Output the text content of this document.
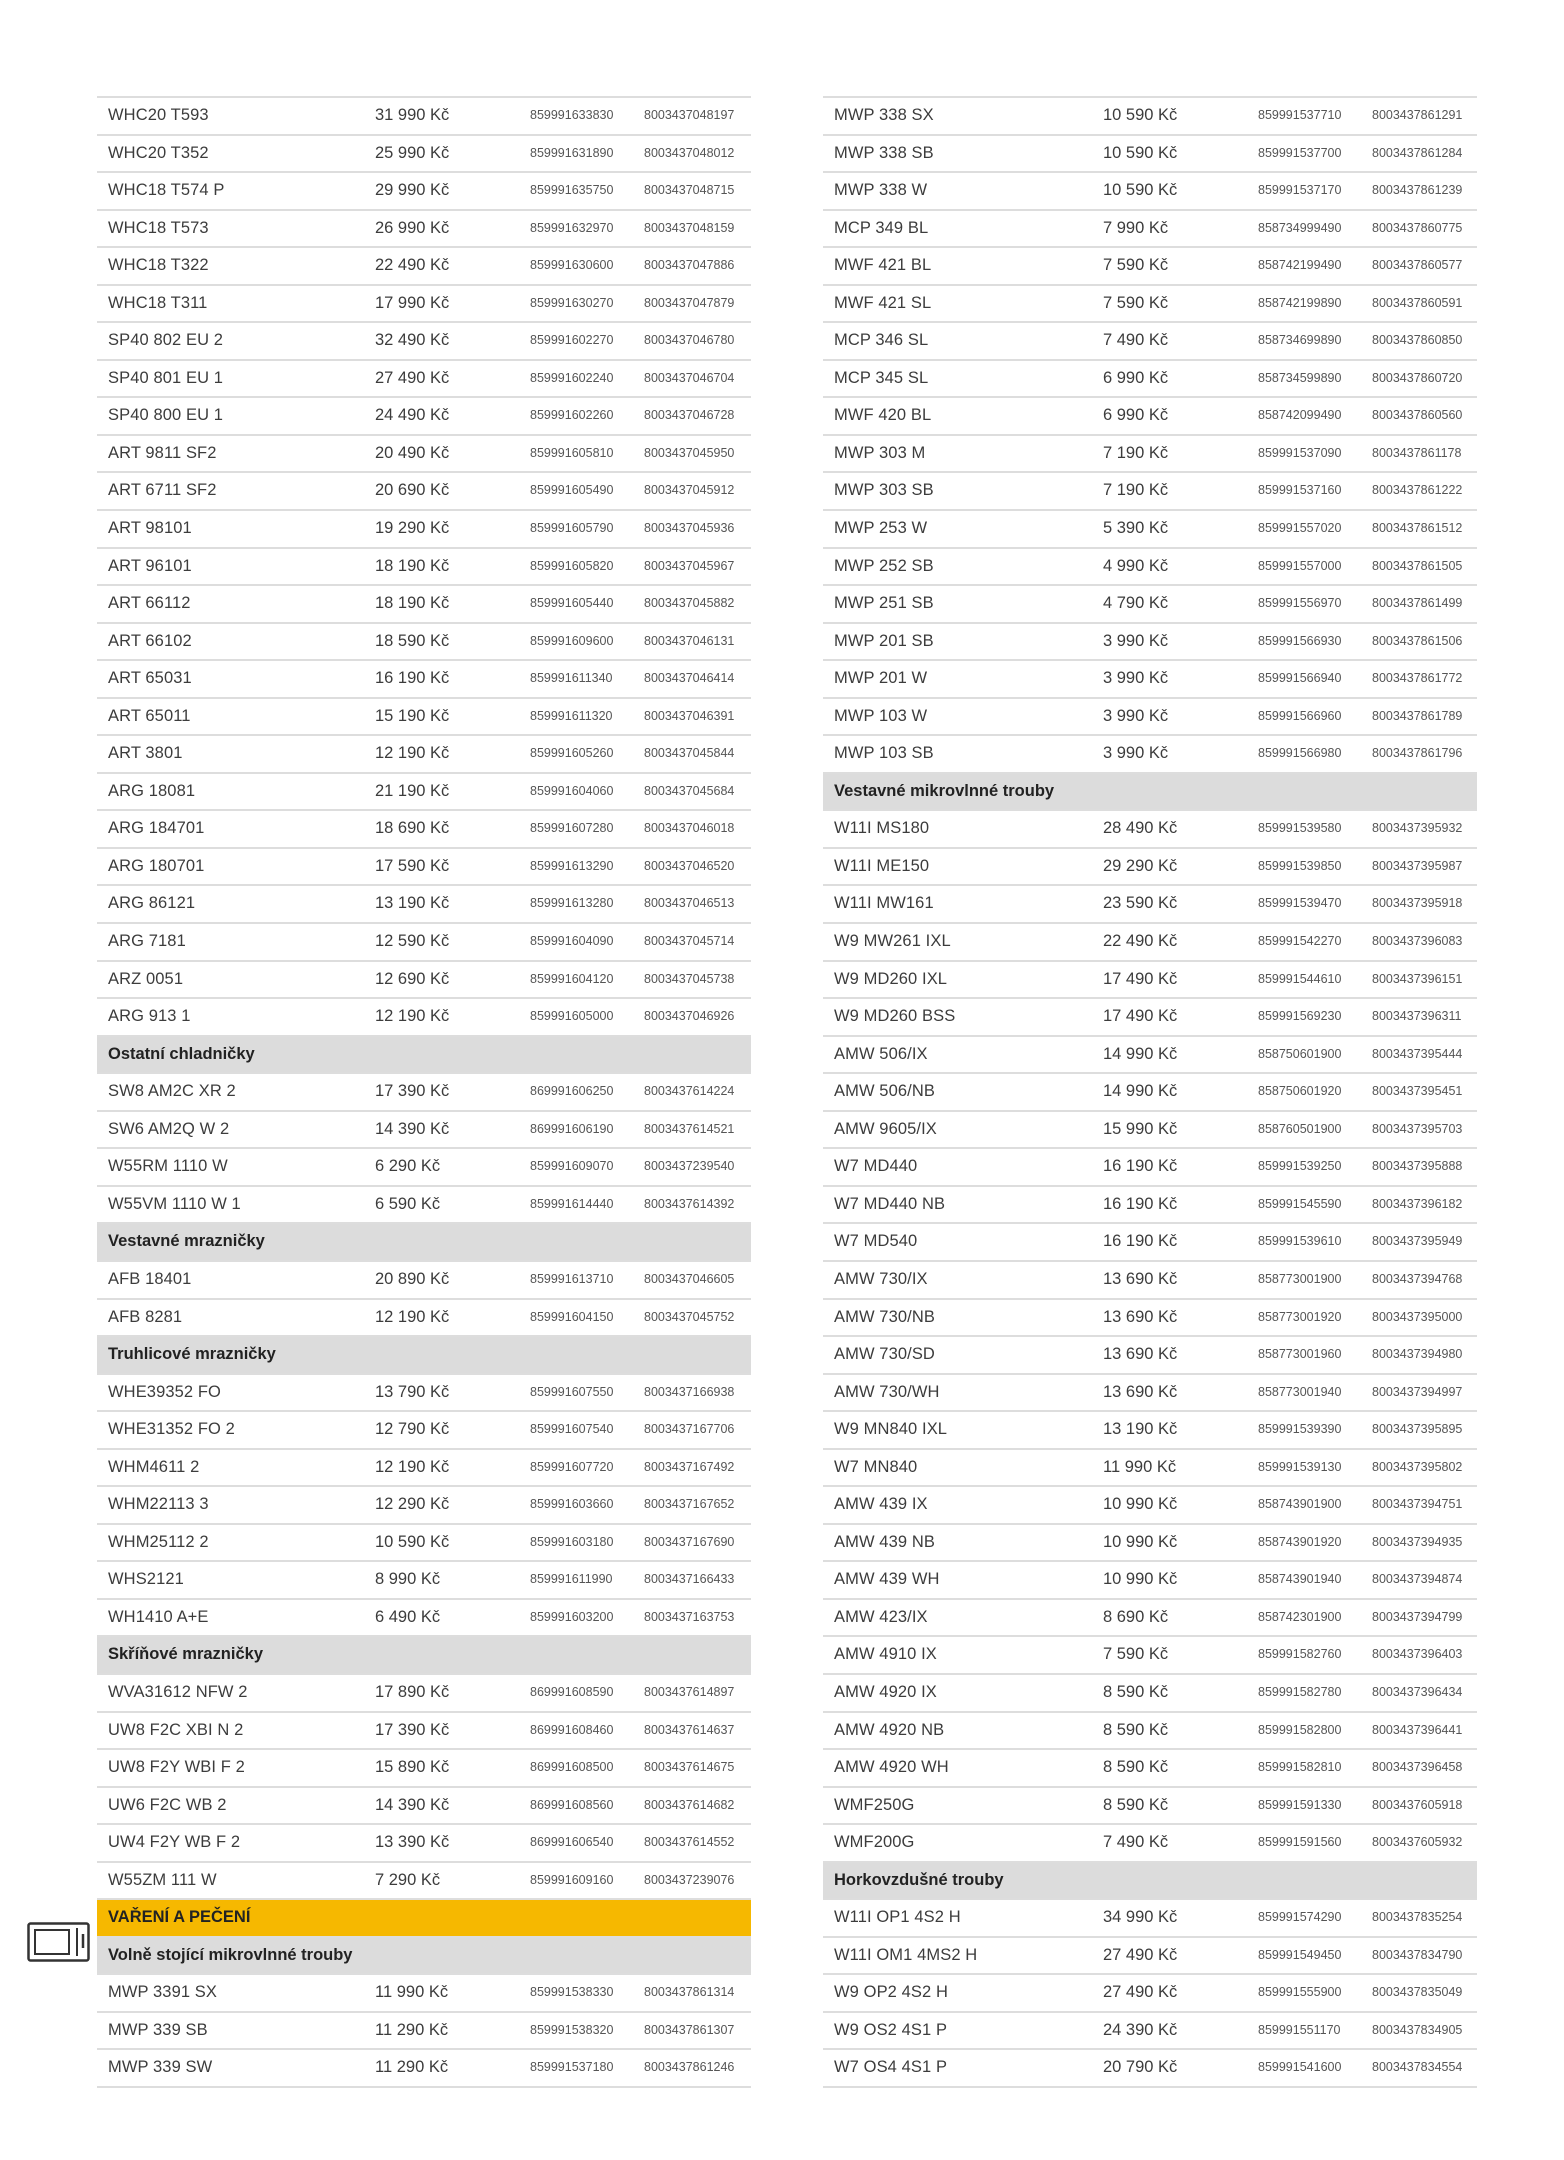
WHC20 T593	31 990 Kč	859991633830 8003437048197
WHC20 T352	25 990 Kč	859991631890 8003437048012
WHC18 T574 P	29 990 Kč	859991635750 8003437048715
WHC18 T573	26 990 Kč	859991632970 8003437048159
WHC18 T322	22 490 Kč	859991630600 8003437047886
WHC18 T311	17 990 Kč	859991630270 8003437047879
SP40 802 EU 2	32 490 Kč	859991602270 8003437046780
SP40 801 EU 1	27 490 Kč	859991602240 8003437046704
SP40 800 EU 1	24 490 Kč	859991602260 8003437046728
ART 9811 SF2	20 490 Kč	859991605810 8003437045950
ART 6711 SF2	20 690 Kč	859991605490 8003437045912
ART 98101	19 290 Kč	859991605790 8003437045936
ART 96101	18 190 Kč	859991605820 8003437045967
ART 66112	18 190 Kč	859991605440 8003437045882
ART 66102	18 590 Kč	859991609600 8003437046131
ART 65031	16 190 Kč	859991611340	8003437046414
ART 65011	15 190 Kč	859991611320	8003437046391
ART 3801	12 190 Kč	859991605260 8003437045844
ARG 18081	21 190 Kč	859991604060 8003437045684
ARG 184701	18 690 Kč	859991607280 8003437046018
ARG 180701	17 590 Kč	859991613290 8003437046520
ARG 86121	13 190 Kč	859991613280 8003437046513
ARG 7181	12 590 Kč	859991604090 8003437045714
ARZ 0051	12 690 Kč	859991604120 8003437045738
ARG 913 1	12 190 Kč	859991605000 8003437046926
Ostatní chladničky
SW8 AM2C XR 2	17 390 Kč	869991606250 8003437614224
SW6 AM2Q W 2	14 390 Kč	869991606190 8003437614521
W55RM 1110 W	6 290 Kč	859991609070 8003437239540
W55VM 1110 W 1	6 590 Kč	859991614440 8003437614392
Vestavné mrazničky
AFB 18401	20 890 Kč	859991613710 8003437046605
AFB 8281	12 190 Kč	859991604150 8003437045752
Truhlicové mrazničky
WHE39352 FO	13 790 Kč	859991607550 8003437166938
WHE31352 FO 2	12 790 Kč	859991607540 8003437167706
WHM4611 2	12 190 Kč	859991607720 8003437167492
WHM22113 3	12 290 Kč	859991603660 8003437167652
WHM25112 2	10 590 Kč	859991603180 8003437167690
WHS2121	8 990 Kč	859991611990	8003437166433
WH1410 A+E	6 490 Kč	859991603200 8003437163753
Skříňové mrazničky
WVA31612 NFW 2	17 890 Kč	869991608590 8003437614897
UW8 F2C XBI N 2	17 390 Kč	869991608460 8003437614637
UW8 F2Y WBI F 2	15 890 Kč	869991608500 8003437614675
UW6 F2C WB 2	14 390 Kč	869991608560 8003437614682
UW4 F2Y WB F 2	13 390 Kč	869991606540 8003437614552
W55ZM 111 W	7 290 Kč	859991609160 8003437239076
VAŘENÍ A PEČENÍ
Volně stojící mikrovlnné trouby
MWP 3391 SX	11 990 Kč	859991538330 8003437861314
MWP 339 SB	11 290 Kč	859991538320 8003437861307
MWP 339 SW	11 290 Kč	859991537180 8003437861246
MWP 338 SX	10 590 Kč	859991537710 8003437861291
MWP 338 SB	10 590 Kč	859991537700 8003437861284
MWP 338 W	10 590 Kč	859991537170 8003437861239
MCP 349 BL	7 990 Kč	858734999490 8003437860775
MWF 421 BL	7 590 Kč	858742199490 8003437860577
MWF 421 SL	7 590 Kč	858742199890 8003437860591
MCP 346 SL	7 490 Kč	858734699890 8003437860850
MCP 345 SL	6 990 Kč	858734599890 8003437860720
MWF 420 BL	6 990 Kč	858742099490 8003437860560
MWP 303 M	7 190 Kč	859991537090 8003437861178
MWP 303 SB	7 190 Kč	859991537160 8003437861222
MWP 253 W	5 390 Kč	859991557020 8003437861512
MWP 252 SB	4 990 Kč	859991557000 8003437861505
MWP 251 SB	4 790 Kč	859991556970 8003437861499
MWP 201 SB	3 990 Kč	859991566930 8003437861506
MWP 201 W	3 990 Kč	859991566940 8003437861772
MWP 103 W	3 990 Kč	859991566960 8003437861789
MWP 103 SB	3 990 Kč	859991566980 8003437861796
Vestavné mikrovlnné trouby
W11I MS180	28 490 Kč	859991539580 8003437395932
W11I ME150	29 290 Kč	859991539850 8003437395987
W11I MW161	23 590 Kč	859991539470 8003437395918
W9 MW261 IXL	22 490 Kč	859991542270 8003437396083
W9 MD260 IXL	17 490 Kč	859991544610 8003437396151
W9 MD260 BSS	17 490 Kč	859991569230 8003437396311
AMW 506/IX	14 990 Kč	858750601900 8003437395444
AMW 506/NB	14 990 Kč	858750601920 8003437395451
AMW 9605/IX	15 990 Kč	858760501900 8003437395703
W7 MD440	16 190 Kč	859991539250 8003437395888
W7 MD440 NB	16 190 Kč	859991545590 8003437396182
W7 MD540	16 190 Kč	859991539610 8003437395949
AMW 730/IX	13 690 Kč	858773001900 8003437394768
AMW 730/NB	13 690 Kč	858773001920 8003437395000
AMW 730/SD	13 690 Kč	858773001960 8003437394980
AMW 730/WH	13 690 Kč	858773001940 8003437394997
W9 MN840 IXL	13 190 Kč	859991539390 8003437395895
W7 MN840	11 990 Kč	859991539130 8003437395802
AMW 439 IX	10 990 Kč	858743901900 8003437394751
AMW 439 NB	10 990 Kč	858743901920 8003437394935
AMW 439 WH	10 990 Kč	858743901940 8003437394874
AMW 423/IX	8 690 Kč	858742301900 8003437394799
AMW 4910 IX	7 590 Kč	859991582760 8003437396403
AMW 4920 IX	8 590 Kč	859991582780 8003437396434
AMW 4920 NB	8 590 Kč	859991582800 8003437396441
AMW 4920 WH	8 590 Kč	859991582810 8003437396458
WMF250G	8 590 Kč	859991591330 8003437605918
WMF200G	7 490 Kč	859991591560 8003437605932
Horkovzdušné trouby
W11I OP1 4S2 H	34 990 Kč	859991574290 8003437835254
W11I OM1 4MS2 H	27 490 Kč	859991549450 8003437834790
W9 OP2 4S2 H	27 490 Kč	859991555900 8003437835049
W9 OS2 4S1 P	24 390 Kč	859991551170	8003437834905
W7 OS4 4S1 P	20 790 Kč	859991541600 8003437834554
